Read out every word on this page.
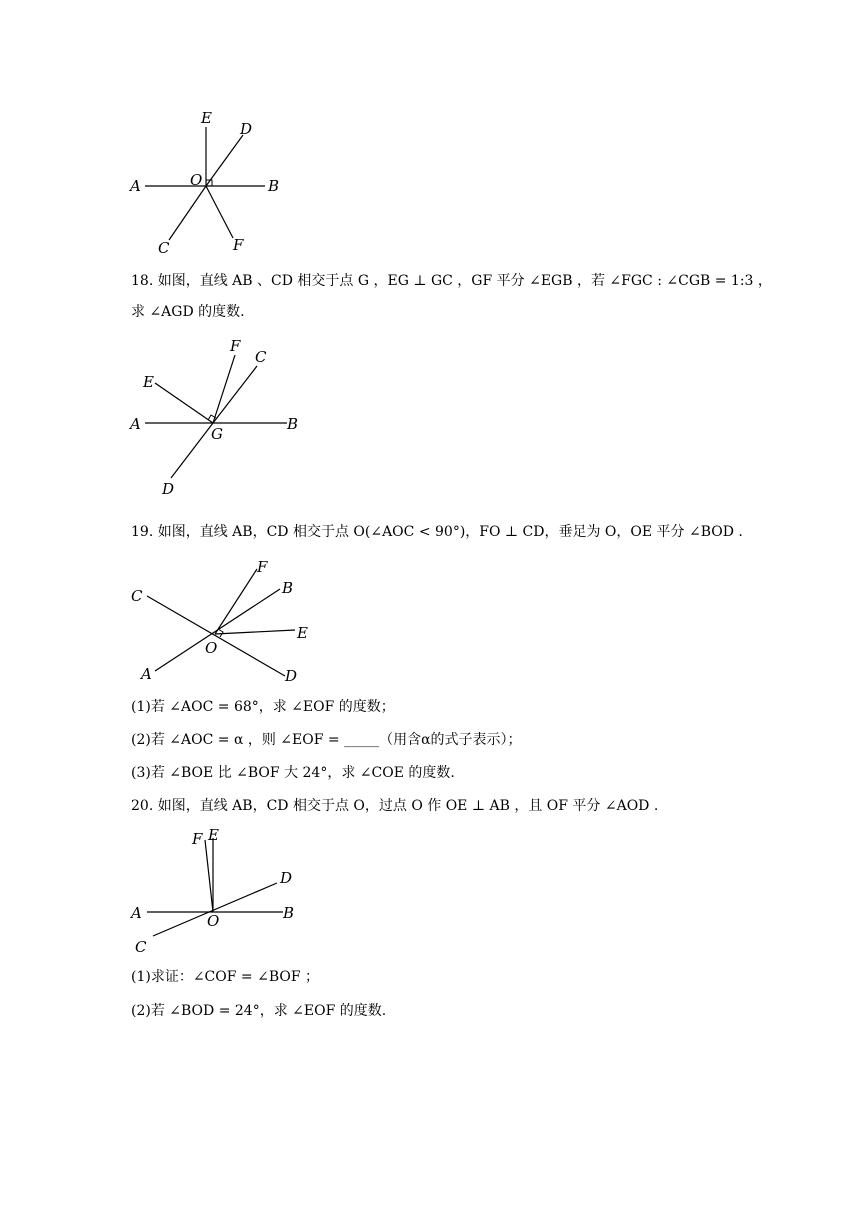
A	B
C
D
E
F
O
18. 如图，直线 AB 、CD 相交于点 G ，EG ⊥ GC ，GF 平分 ∠EGB ，若 ∠FGC : ∠CGB = 1:3 ，
求 ∠AGD 的度数.
A	B
C
D
E
F
G
19. 如图，直线 AB，CD 相交于点 O(∠AOC < 90°)，FO ⊥ CD，垂足为 O，OE 平分 ∠BOD .
C
D
A
B
E
F
O
(1)若 ∠AOC = 68°，求 ∠EOF 的度数；
(2)若 ∠AOC = α ，则 ∠EOF = _____（用含α的式子表示）；
(3)若 ∠BOE 比 ∠BOF 大 24°，求 ∠COE 的度数.
20. 如图，直线 AB，CD 相交于点 O，过点 O 作 OE ⊥ AB ，且 OF 平分 ∠AOD .
A	B
C
D
E
F
O
(1)求证：∠COF = ∠BOF ；
(2)若 ∠BOD = 24°，求 ∠EOF 的度数.
